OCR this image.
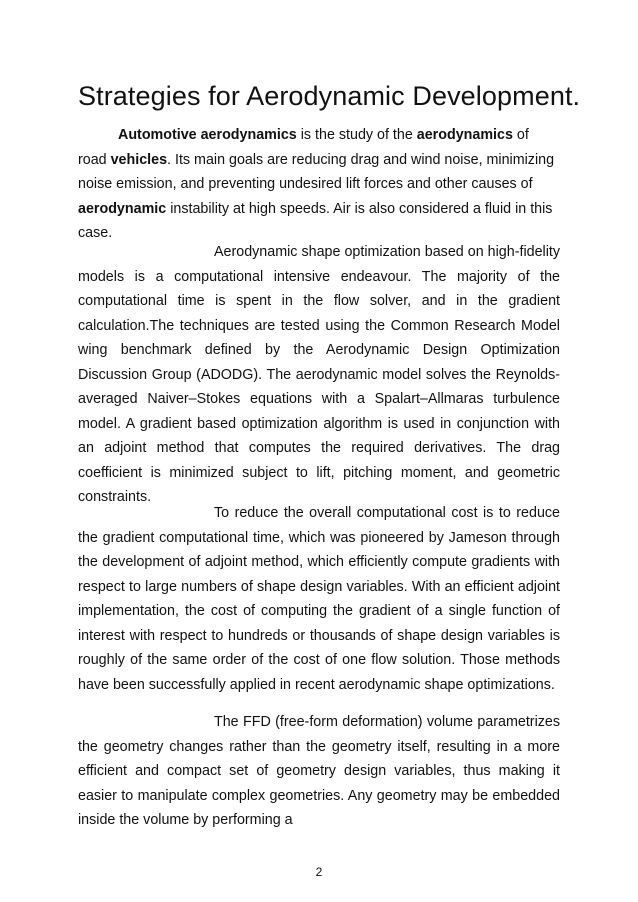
Strategies for Aerodynamic Development.

Automotive aerodynamics is the study of the aerodynamics of road vehicles. Its main goals are reducing drag and wind noise, minimizing noise emission, and preventing undesired lift forces and other causes of aerodynamic instability at high speeds. Air is also considered a fluid in this case.

Aerodynamic shape optimization based on high-fidelity models is a computational intensive endeavour. The majority of the computational time is spent in the flow solver, and in the gradient calculation.The techniques are tested using the Common Research Model wing benchmark defined by the Aerodynamic Design Optimization Discussion Group (ADODG). The aerodynamic model solves the Reynolds-averaged Naiver–Stokes equations with a Spalart–Allmaras turbulence model. A gradient based optimization algorithm is used in conjunction with an adjoint method that computes the required derivatives. The drag coefficient is minimized subject to lift, pitching moment, and geometric constraints.

To reduce the overall computational cost is to reduce the gradient computational time, which was pioneered by Jameson through the development of adjoint method, which efficiently compute gradients with respect to large numbers of shape design variables. With an efficient adjoint implementation, the cost of computing the gradient of a single function of interest with respect to hundreds or thousands of shape design variables is roughly of the same order of the cost of one flow solution. Those methods have been successfully applied in recent aerodynamic shape optimizations.

The FFD (free-form deformation) volume parametrizes the geometry changes rather than the geometry itself, resulting in a more efficient and compact set of geometry design variables, thus making it easier to manipulate complex geometries. Any geometry may be embedded inside the volume by performing a

2
